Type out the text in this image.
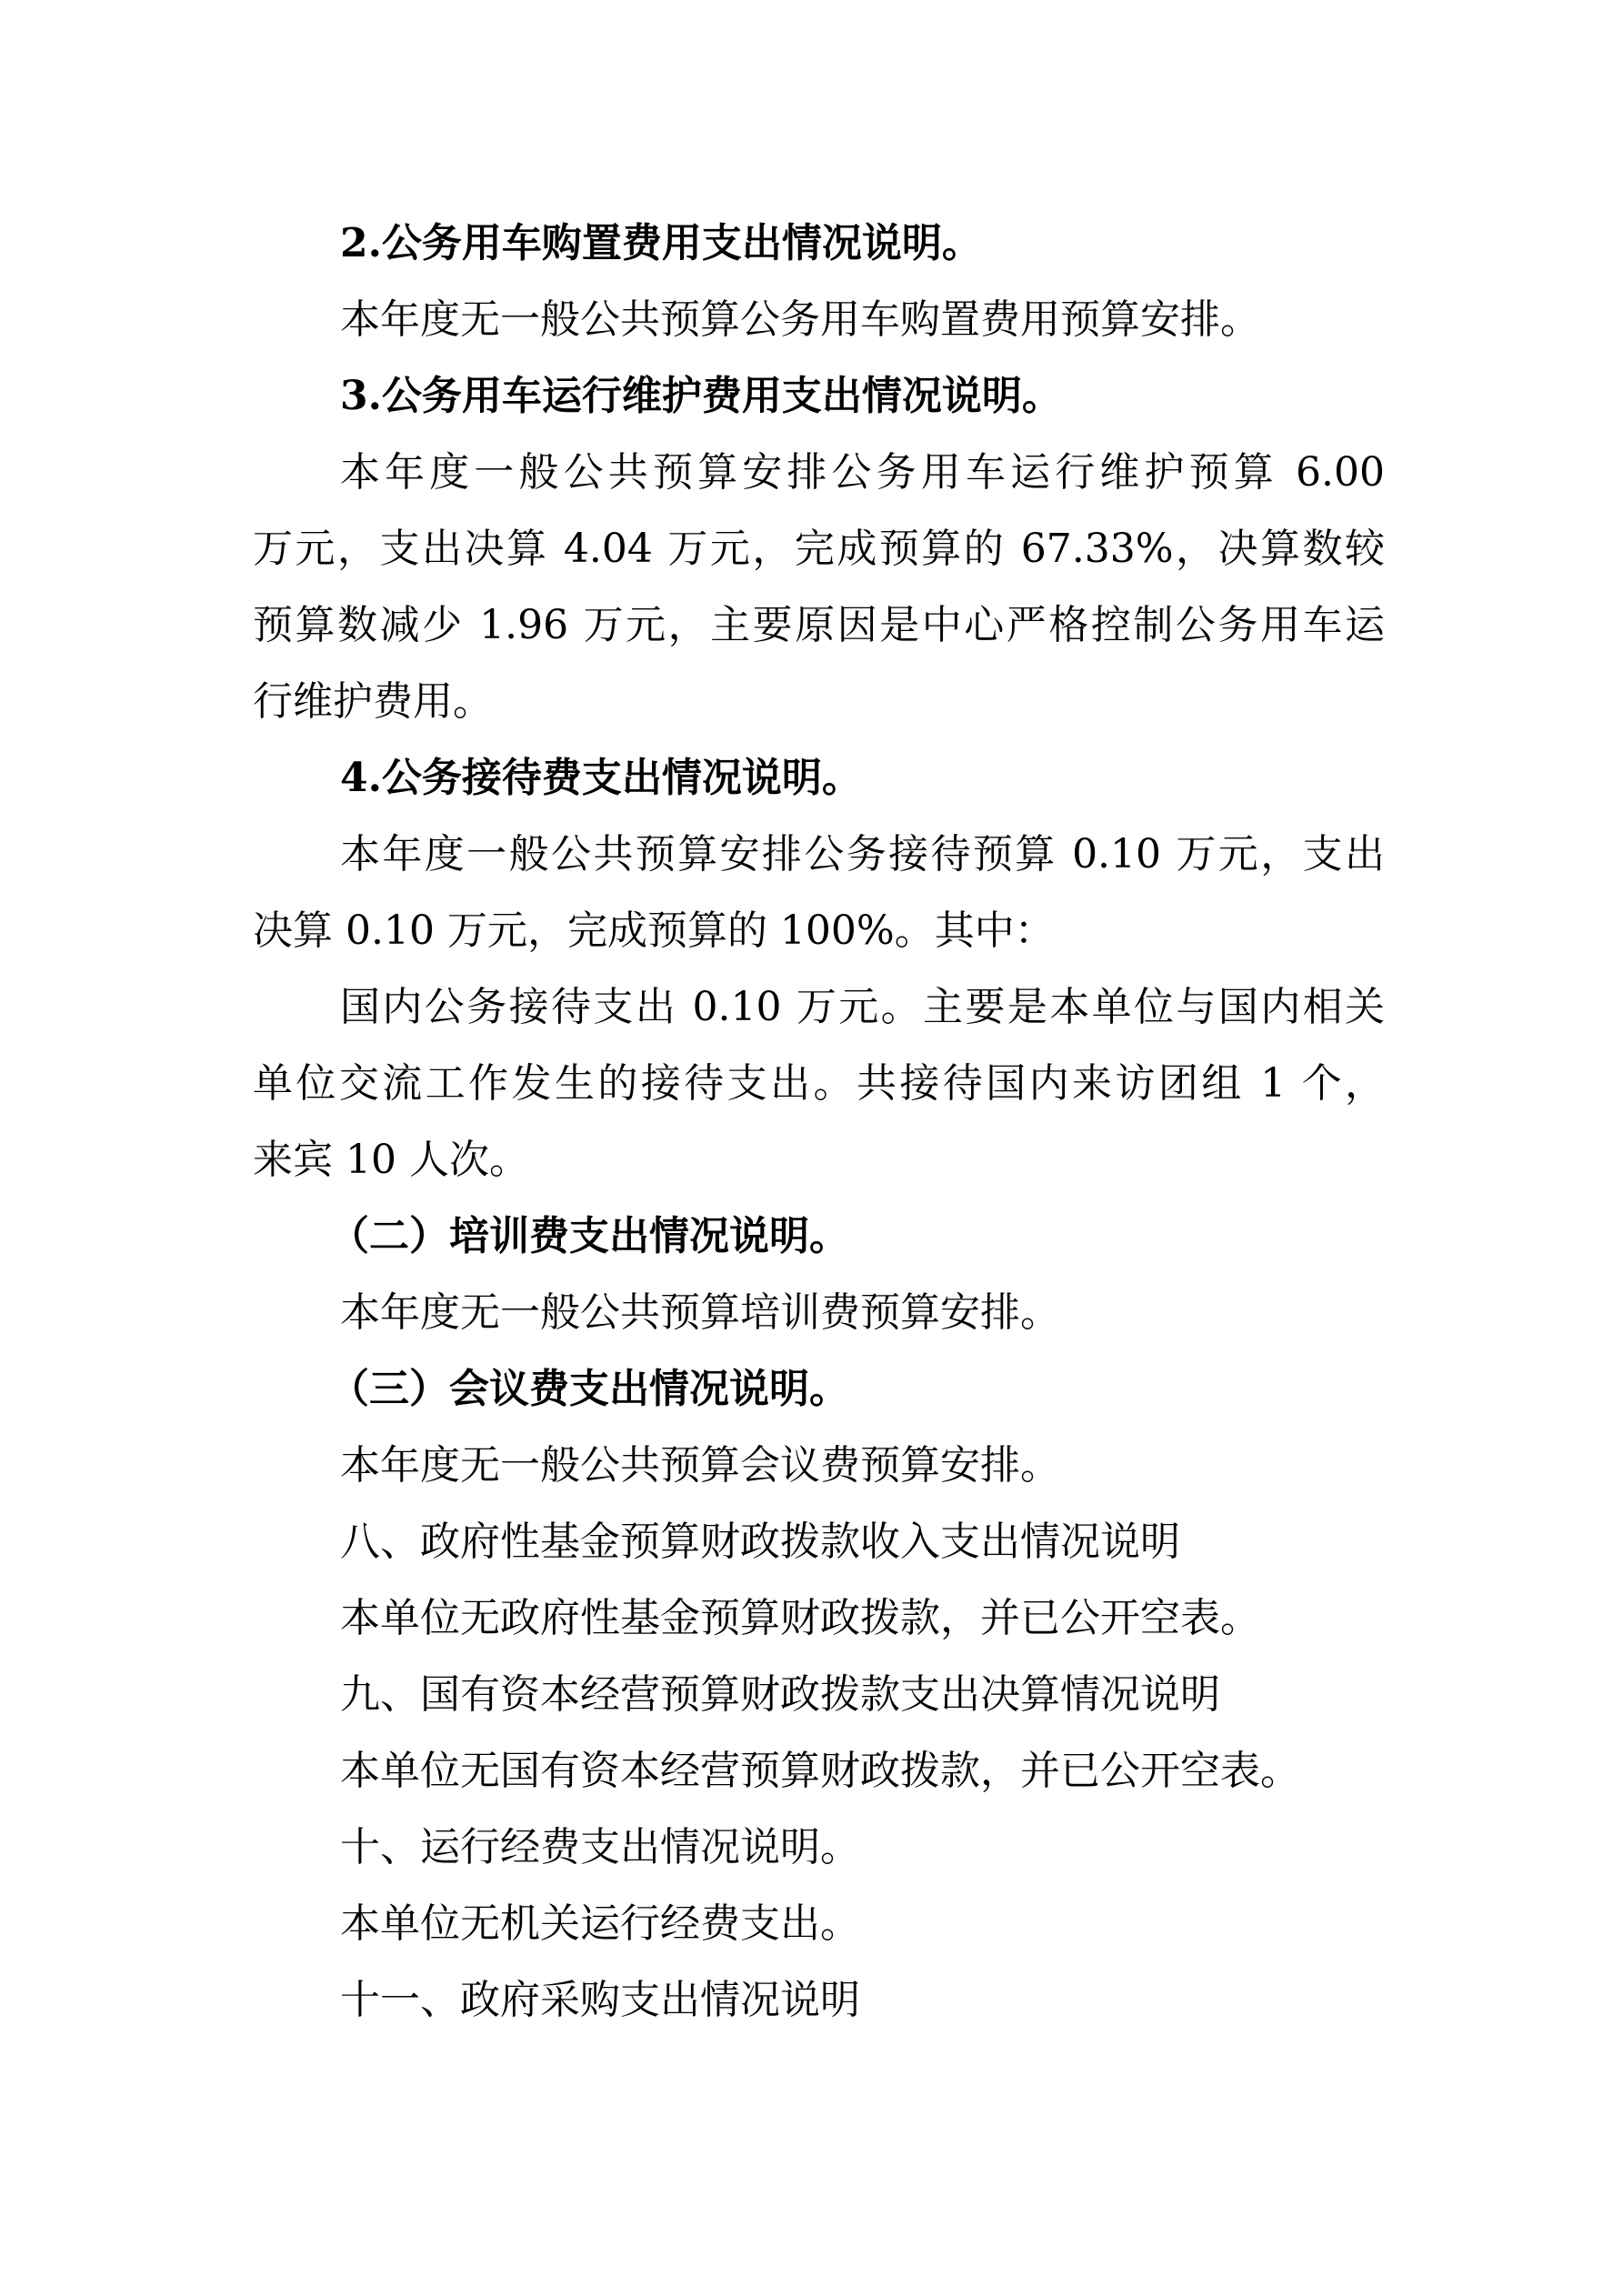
2.公务用车购置费用支出情况说明。

本年度无一般公共预算公务用车购置费用预算安排。

3.公务用车运行维护费用支出情况说明。

本年度一般公共预算安排公务用车运行维护预算 6.00

万元，支出决算 4.04 万元，完成预算的 67.33%，决算数较

预算数减少 1.96 万元，主要原因是中心严格控制公务用车运

行维护费用。

4.公务接待费支出情况说明。

本年度一般公共预算安排公务接待预算 0.10 万元，支出

决算 0.10 万元，完成预算的 100%。其中：

国内公务接待支出 0.10 万元。主要是本单位与国内相关

单位交流工作发生的接待支出。共接待国内来访团组 1 个，

来宾 10 人次。

（二）培训费支出情况说明。

本年度无一般公共预算培训费预算安排。

（三）会议费支出情况说明。

本年度无一般公共预算会议费预算安排。

八、政府性基金预算财政拨款收入支出情况说明

本单位无政府性基金预算财政拨款，并已公开空表。

九、国有资本经营预算财政拨款支出决算情况说明

本单位无国有资本经营预算财政拨款，并已公开空表。

十、运行经费支出情况说明。

本单位无机关运行经费支出。

十一、政府采购支出情况说明
